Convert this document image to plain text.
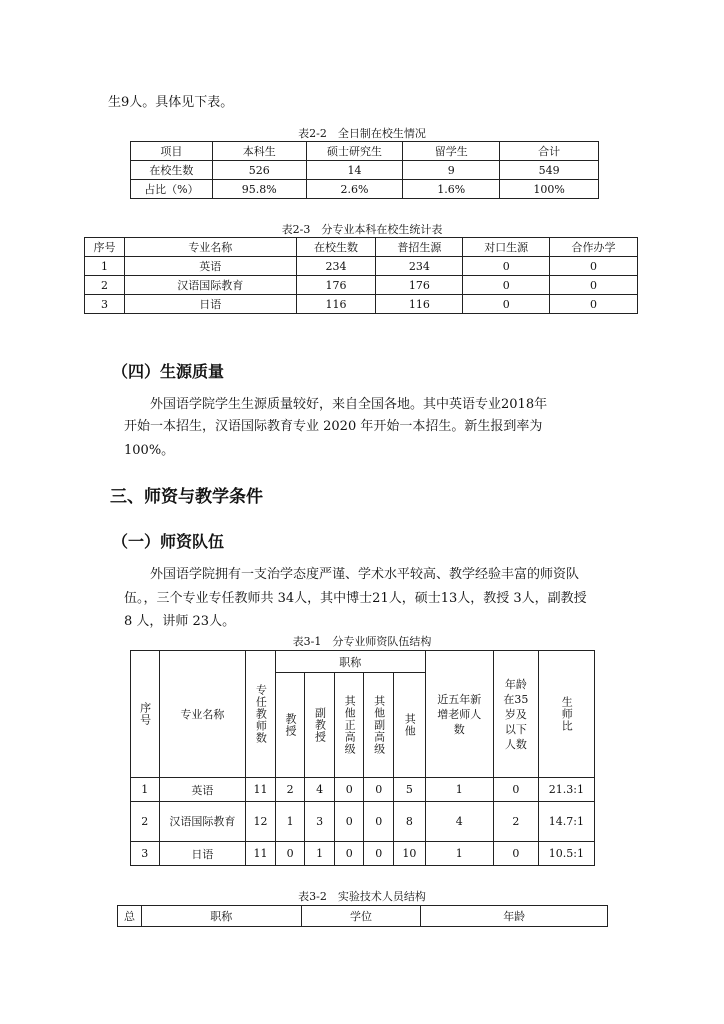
生9人。具体见下表。
表2-2　全日制在校生情况
项目	本科生	硕士研究生	留学生	合计
在校生数	526	14	9	549
占比（%）	95.8%	2.6%	1.6%	100%
表2-3　分专业本科在校生统计表
序号	专业名称	在校生数	普招生源	对口生源	合作办学
1	英语	234	234	0	0
2	汉语国际教育	176	176	0	0
3	日语	116	116	0	0
（四）生源质量
外国语学院学生生源质量较好，来自全国各地。其中英语专业2018年
开始一本招生，汉语国际教育专业 2020 年开始一本招生。新生报到率为
100%。
三、师资与教学条件
（一）师资队伍
外国语学院拥有一支治学态度严谨、学术水平较高、教学经验丰富的师资队
伍。，三个专业专任教师共 34人，其中博士21人，硕士13人，教授 3人，副教授
8 人，讲师 23人。
表3-1　分专业师资队伍结构
序号	专业名称	专任教师数	职称					近五年新增老师人数	年龄在35岁及以下人数	生师比

			教授	副教授	其他正高级	其他副高级	其他			

1	英语	11	2	4	0	0	5	1	0	21.3:1
2	汉语国际教育	12	1	3	0	0	8	4	2	14.7:1
3	日语	11	0	1	0	0	10	1	0	10.5:1
表3-2　实验技术人员结构
总	职称	学位	年龄
